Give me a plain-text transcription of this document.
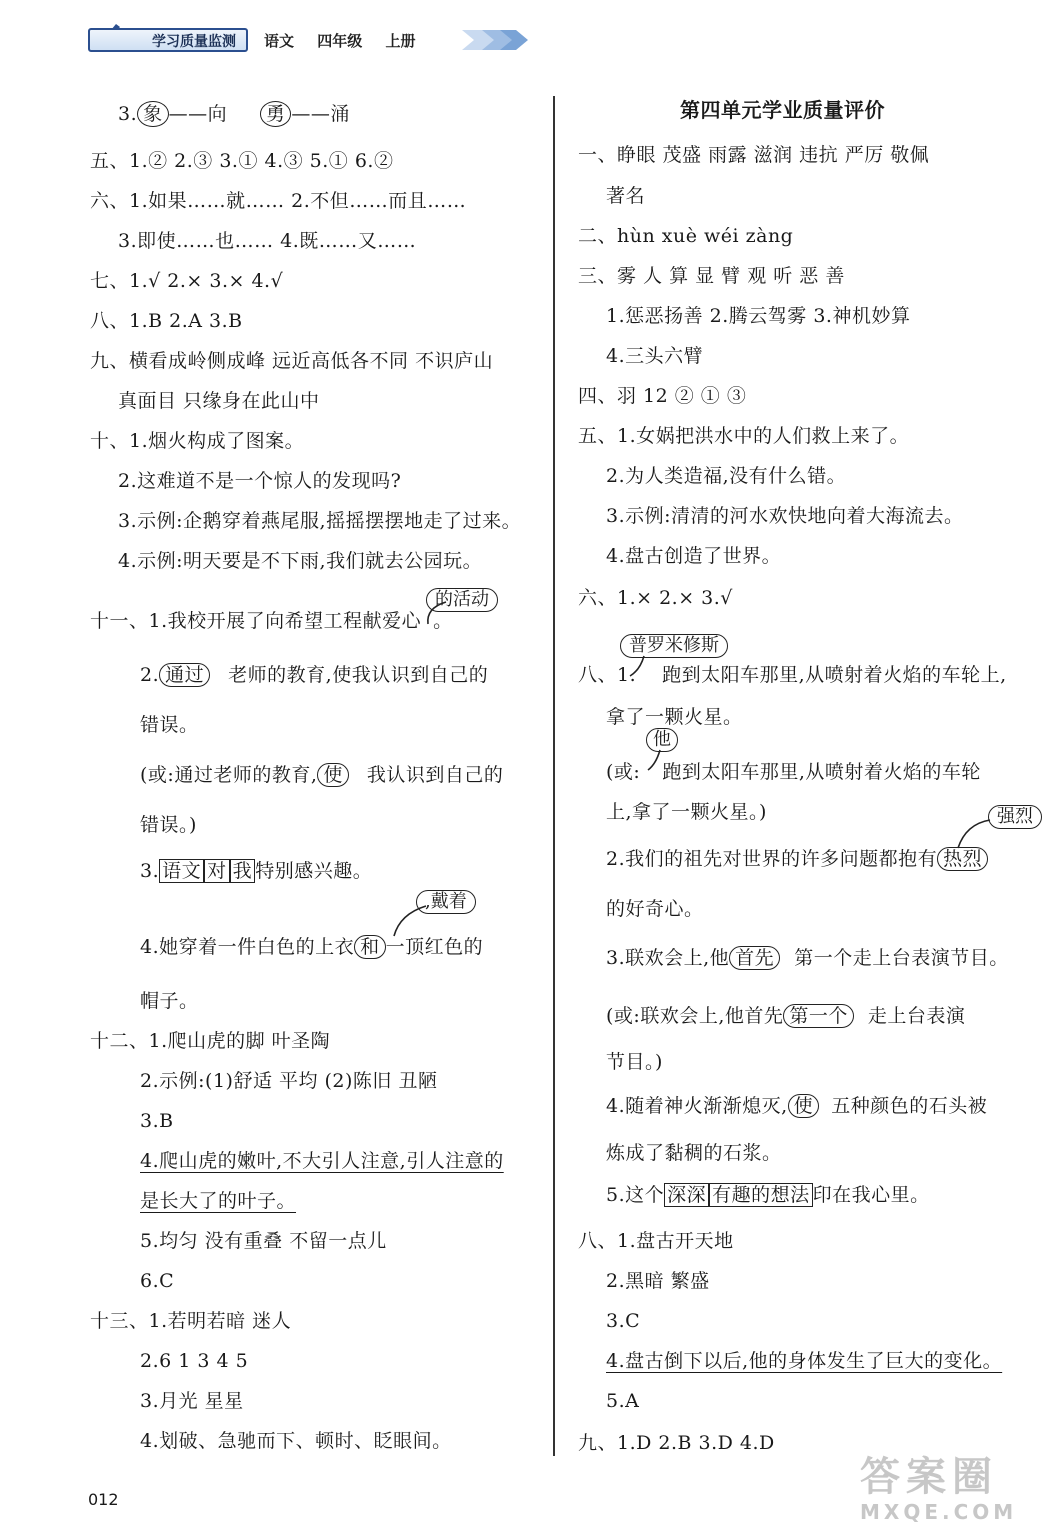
学习质量监测	语文 四年级 上册
3. 象 ——向 勇 ——涌
五、1.② 2.③ 3.① 4.③ 5.① 6.②
六、1.如果……就…… 2.不但……而且……
3.即使……也…… 4.既……又……
七、1.√ 2.× 3.× 4.√
八、1.B 2.A 3.B
九、横看成岭侧成峰 远近高低各不同 不识庐山
真面目 只缘身在此山中
十、1.烟火构成了图案。
2.这难道不是一个惊人的发现吗?
3.示例:企鹅穿着燕尾服,摇摇摆摆地走了过来。
4.示例:明天要是不下雨,我们就去公园玩。
的活动
十一、1.我校开展了向希望工程献爱心 。
2. 通过 老师的教育,使我认识到自己的
错误。
(或:通过老师的教育, 使 我认识到自己的
错误。)
3. 语文 对 我 特别感兴趣。
,戴着
4.她穿着一件白色的上衣 和 一顶红色的
帽子。
十二、1.爬山虎的脚 叶圣陶
2.示例:(1)舒适 平均 (2)陈旧 丑陋
3.B
4.爬山虎的嫩叶,不大引人注意,引人注意的
是长大了的叶子。
5.均匀 没有重叠 不留一点儿
6.C
十三、1.若明若暗 迷人
2.6 1 3 4 5
3.月光 星星
4.划破、急驰而下、顿时、眨眼间。
第四单元学业质量评价
一、睁眼 茂盛 雨露 滋润 违抗 严厉 敬佩
著名
二、hùn xuè wéi zàng
三、雾 人 算 显 臂 观 听 恶 善
1.惩恶扬善 2.腾云驾雾 3.神机妙算
4.三头六臂
四、羽 12 ② ① ③
五、1.女娲把洪水中的人们救上来了。
2.为人类造福,没有什么错。
3.示例:清清的河水欢快地向着大海流去。
4.盘古创造了世界。
六、1.× 2.× 3.√
普罗米修斯
八、1. 跑到太阳车那里,从喷射着火焰的车轮上,
拿了一颗火星。
他
(或: 跑到太阳车那里,从喷射着火焰的车轮
上,拿了一颗火星。)	强烈
2.我们的祖先对世界的许多问题都抱有 热烈
的好奇心。
3.联欢会上,他 首先 第一个走上台表演节目。
(或:联欢会上,他首先 第一个 走上台表演
节目。)
4.随着神火渐渐熄灭, 使 五种颜色的石头被
炼成了黏稠的石浆。
5.这个 深深 有趣的想法 印在我心里。
八、1.盘古开天地
2.黑暗 繁盛
3.C
4.盘古倒下以后,他的身体发生了巨大的变化。
5.A
九、1.D 2.B 3.D 4.D
012	答案圈
MXQE.COM
